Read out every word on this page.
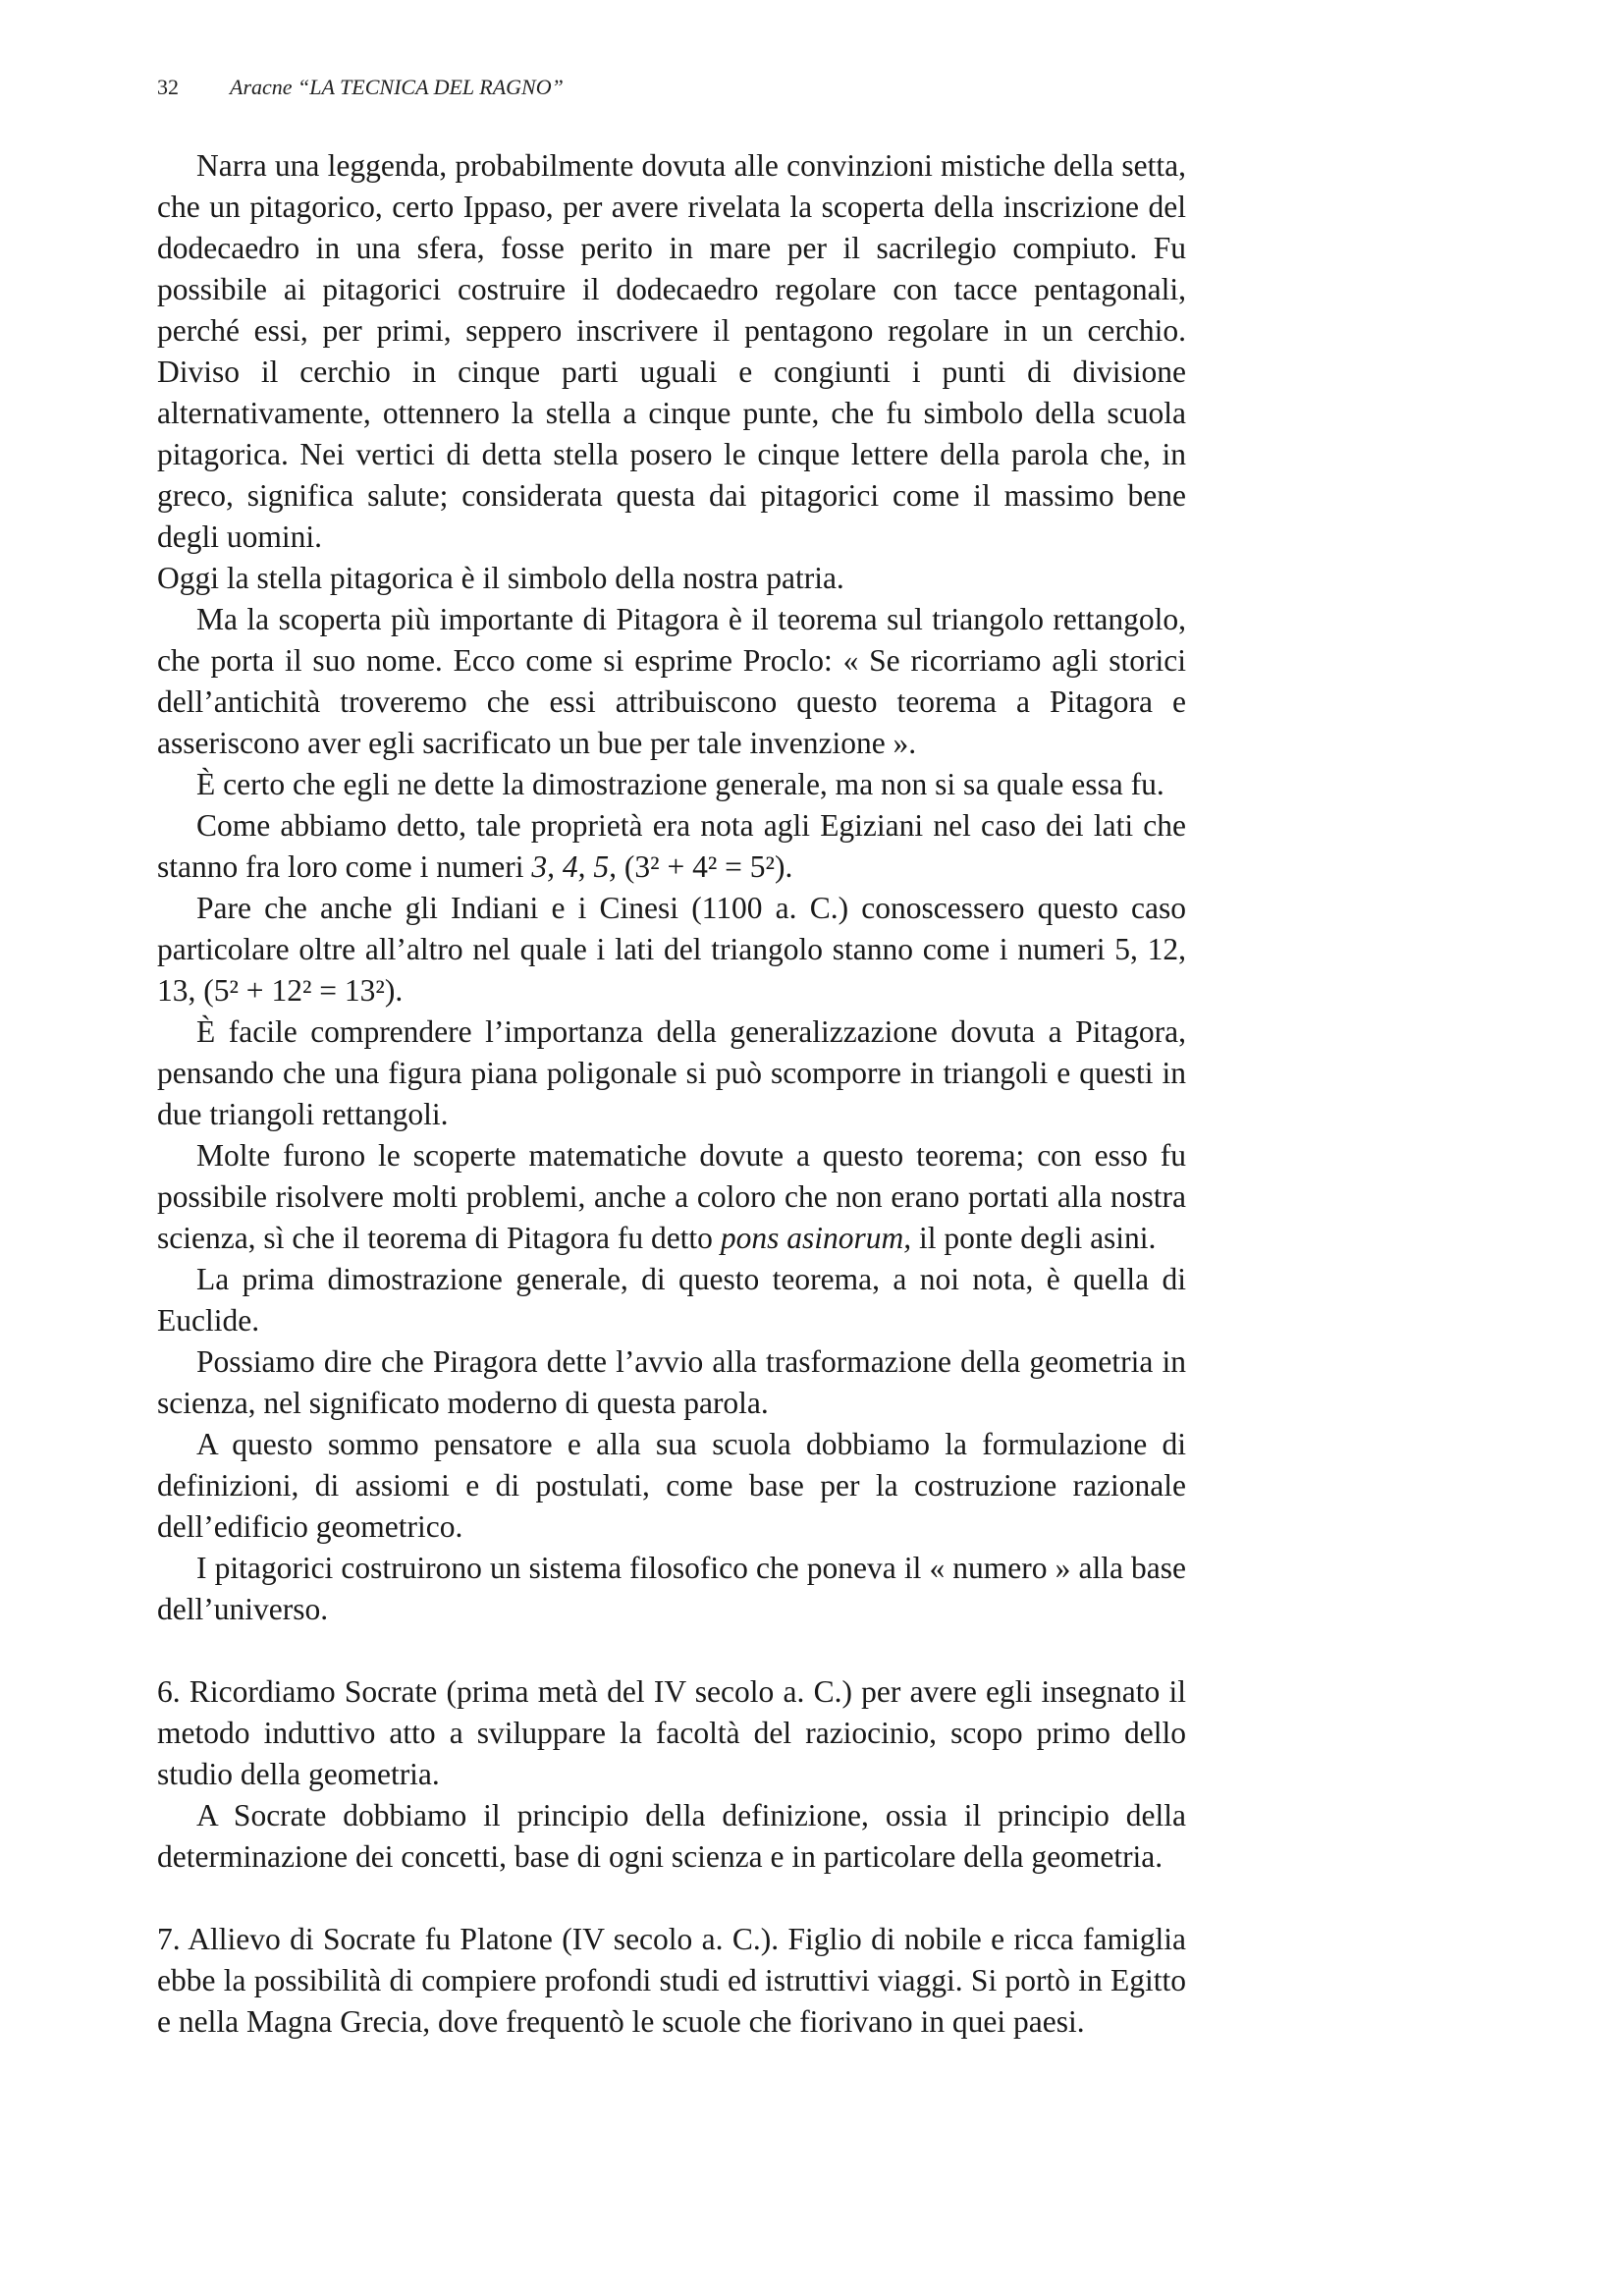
32 Aracne “LA TECNICA DEL RAGNO”

Narra una leggenda, probabilmente dovuta alle convinzioni mistiche della setta, che un pitagorico, certo Ippaso, per avere rivelata la scoperta della inscrizione del dodecaedro in una sfera, fosse perito in mare per il sacrilegio compiuto. Fu possibile ai pitagorici costruire il dodecaedro regolare con tacce pentagonali, perché essi, per primi, seppero inscrivere il pentagono regolare in un cerchio. Diviso il cerchio in cinque parti uguali e congiunti i punti di divisione alternativamente, ottennero la stella a cinque punte, che fu simbolo della scuola pitagorica. Nei vertici di detta stella posero le cinque lettere della parola che, in greco, significa salute; considerata questa dai pitagorici come il massimo bene degli uomini.

Oggi la stella pitagorica è il simbolo della nostra patria.

Ma la scoperta più importante di Pitagora è il teorema sul triangolo rettangolo, che porta il suo nome. Ecco come si esprime Proclo: « Se ricorriamo agli storici dell’antichità troveremo che essi attribuiscono questo teorema a Pitagora e asseriscono aver egli sacrificato un bue per tale invenzione ».

È certo che egli ne dette la dimostrazione generale, ma non si sa quale essa fu.

Come abbiamo detto, tale proprietà era nota agli Egiziani nel caso dei lati che stanno fra loro come i numeri 3, 4, 5, (3² + 4² = 5²).

Pare che anche gli Indiani e i Cinesi (1100 a. C.) conoscessero questo caso particolare oltre all’altro nel quale i lati del triangolo stanno come i numeri 5, 12, 13, (5² + 12² = 13²).

È facile comprendere l’importanza della generalizzazione dovuta a Pitagora, pensando che una figura piana poligonale si può scomporre in triangoli e questi in due triangoli rettangoli.

Molte furono le scoperte matematiche dovute a questo teorema; con esso fu possibile risolvere molti problemi, anche a coloro che non erano portati alla nostra scienza, sì che il teorema di Pitagora fu detto pons asinorum, il ponte degli asini.

La prima dimostrazione generale, di questo teorema, a noi nota, è quella di Euclide.

Possiamo dire che Piragora dette l’avvio alla trasformazione della geometria in scienza, nel significato moderno di questa parola.

A questo sommo pensatore e alla sua scuola dobbiamo la formulazione di definizioni, di assiomi e di postulati, come base per la costruzione razionale dell’edificio geometrico.

I pitagorici costruirono un sistema filosofico che poneva il « numero » alla base dell’universo.

6. Ricordiamo Socrate (prima metà del IV secolo a. C.) per avere egli insegnato il metodo induttivo atto a sviluppare la facoltà del raziocinio, scopo primo dello studio della geometria.

A Socrate dobbiamo il principio della definizione, ossia il principio della determinazione dei concetti, base di ogni scienza e in particolare della geometria.

7. Allievo di Socrate fu Platone (IV secolo a. C.). Figlio di nobile e ricca famiglia ebbe la possibilità di compiere profondi studi ed istruttivi viaggi. Si portò in Egitto e nella Magna Grecia, dove frequentò le scuole che fiorivano in quei paesi.
